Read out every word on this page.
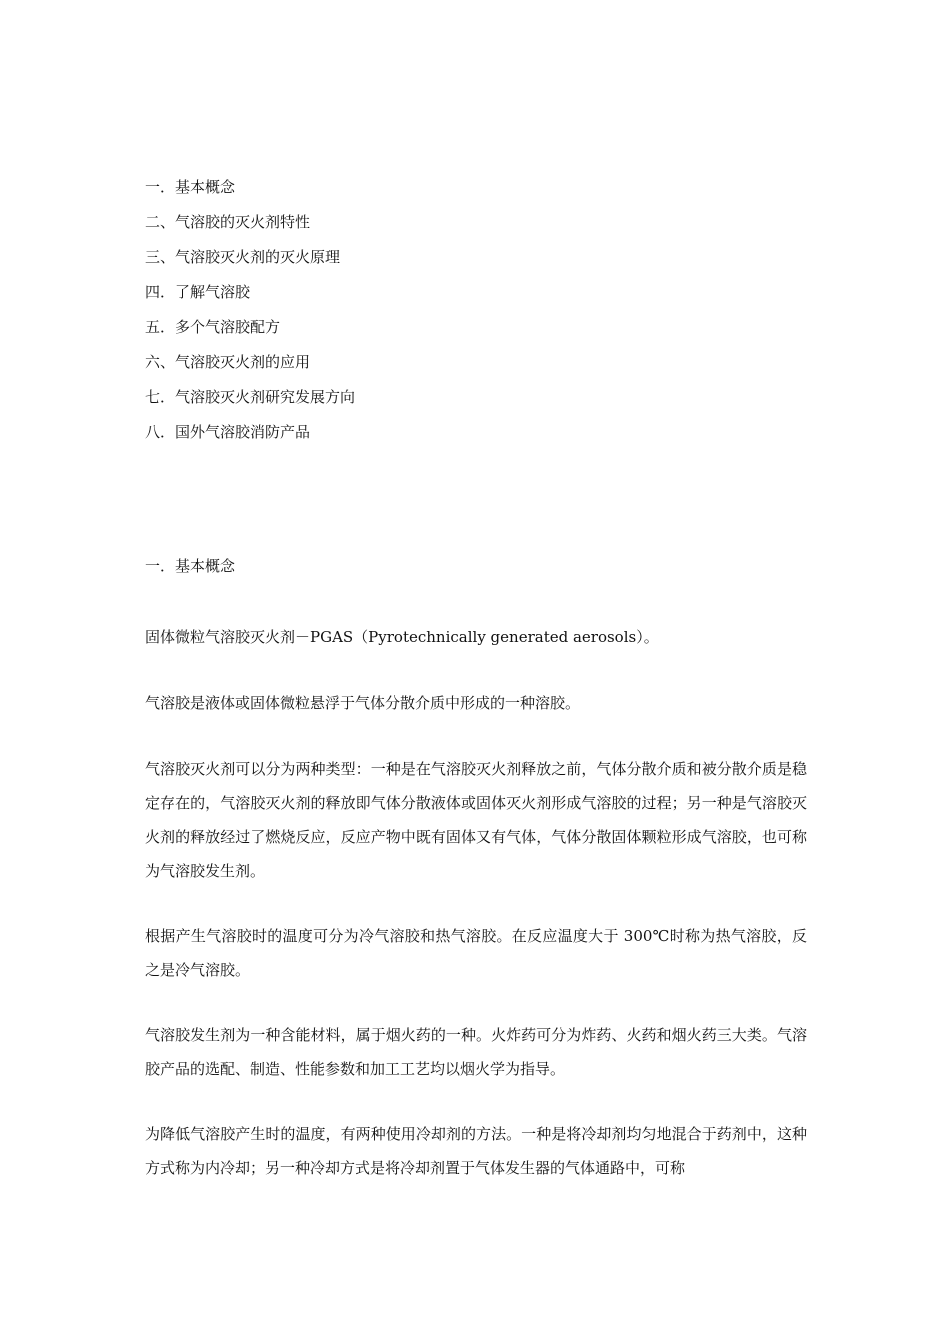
一．基本概念
二、气溶胶的灭火剂特性
三、气溶胶灭火剂的灭火原理
四．了解气溶胶
五．多个气溶胶配方
六、气溶胶灭火剂的应用
七．气溶胶灭火剂研究发展方向
八．国外气溶胶消防产品
一．基本概念

固体微粒气溶胶灭火剂－PGAS（Pyrotechnically generated aerosols）。

气溶胶是液体或固体微粒悬浮于气体分散介质中形成的一种溶胶。

气溶胶灭火剂可以分为两种类型：一种是在气溶胶灭火剂释放之前，气体分散介质和被分散介质是稳定存在的，气溶胶灭火剂的释放即气体分散液体或固体灭火剂形成气溶胶的过程；另一种是气溶胶灭火剂的释放经过了燃烧反应，反应产物中既有固体又有气体，气体分散固体颗粒形成气溶胶，也可称为气溶胶发生剂。

根据产生气溶胶时的温度可分为冷气溶胶和热气溶胶。在反应温度大于 300℃时称为热气溶胶，反之是冷气溶胶。

气溶胶发生剂为一种含能材料，属于烟火药的一种。火炸药可分为炸药、火药和烟火药三大类。气溶胶产品的选配、制造、性能参数和加工工艺均以烟火学为指导。

为降低气溶胶产生时的温度，有两种使用冷却剂的方法。一种是将冷却剂均匀地混合于药剂中，这种方式称为内冷却；另一种冷却方式是将冷却剂置于气体发生器的气体通路中，可称
